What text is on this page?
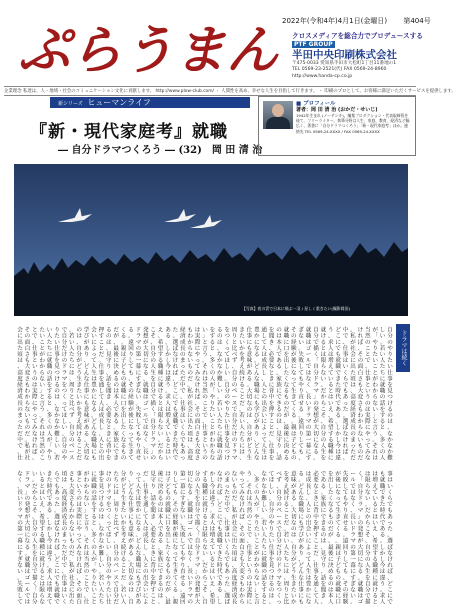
ぷらうまん 2022年(令和4年)4月1日(金曜日) 第404号
クロスメディアを総合力でプロデュースする
PTF GROUP
半田中央印刷株式会社
〒475-0033 愛知県半田市大松町1丁目11番地の1
TEL 0569-23-2521(代) FAX 0569-24-8960
http://www.handa-cp.co.jp
企業理念 私達は、人・地域・社会のコミュニケーション文化に貢献します。 http://www.plow-club.com/ ・ 人間性を高め、幸せな人生を目指して行きます。 ・ 印刷のプロとして、お客様に満足いただくサービスを提供します。
新シリーズ ヒューマンライフ
『新・現代家庭考』就職
― 自分ドラマつくろう ― (32)　岡 田 清 治
■ プロフィール
著者：岡 田 清 治 (おかだ・せいじ)
1942年生まれ (ノーテンキ)。編集プロダクション・代表取締役を経て、フリーライター。執筆分野は人生、家庭、教育、経済など幅広く、著書に「自分ドラマつくろう」「新・現代家庭考」ほか。連絡先 TEL 0569-24-XXXX / FAX 0569-24-XXXX
【写真】夜の雲で日本に飛ぶ一羽 / 星しく重きたい(撮影岡田)
自
分
の
や
り
た
い
仕
事
を
見
つ
け
る
の
は
、
な
か
な
か
難
し
い
。
若
い
人
た
ち
に
就
職
の
話
を
す
る
と
、
多
く
の
人
が
「
や
り
た
い
こ
と
が
わ
か
ら
な
い
」
と
言
う
。
そ
れ
は
当
然
の
こ
と
で
、
仕
事
と
い
う
の
は
実
際
に
や
っ
て
み
な
け
れ
ば
、
そ
の
面
白
さ
も
大
変
さ
も
わ
か
ら
な
い
も
の
だ
。
私
が
社
会
に
出
た
頃
は
、
高
度
経
済
成
長
の
ま
っ
た
だ
中
で
、
仕
事
は
い
く
ら
で
も
あ
っ
た
。
選
ば
な
け
れ
ば
、
ど
こ
に
で
も
就
職
で
き
た
時
代
で
あ
る
。
し
か
し
今
は
違
う
。
求
人
は
増
え
て
い
る
と
は
い
え
、
希
望
す
る
職
種
に
就
け
る
と
は
限
ら
な
い
。
だ
か
ら
こ
そ
、
自
分
の
人
生
を
自
分
で
描
く
「
自
分
ド
ラ
マ
」
の
発
想
が
大
切
に
な
る
。
就
職
は
ゴ
ー
ル
で
は
な
く
、
長
い
ド
ラ
マ
の
第
一
幕
に
す
ぎ
な
い
。
失
敗
し
て
も
や
り
直
せ
る
。
遠
回
り
し
て
も
、
そ
の
経
験
が
後
に
な
っ
て
生
き
て
く
る
。
親
は
子
ど
も
の
就
職
に
口
を
出
し
た
く
な
る
も
の
だ
が
、
最
後
に
決
め
る
の
は
本
人
で
あ
る
。
家
族
に
で
き
る
の
は
、
見
守
り
、
話
を
聞
き
、
必
要
な
と
き
に
背
中
を
押
す
こ
と
だ
。
仕
事
を
通
し
て
人
は
成
長
し
、
人
と
の
出
会
い
に
よ
っ
て
人
生
は
豊
か
に
な
る
。
ど
ん
な
職
場
に
も
学
び
が
あ
り
、
ど
ん
な
仕
事
に
も
意
味
が
あ
る
。
大
切
な
の
は
、
自
分
が
ど
う
生
き
た
い
か
を
考
え
続
け
る
こ
と
だ
。
若
い
人
た
ち
に
は
、
周
り
と
比
べ
ず
、
自
分
の
ペ
ー
ス
で
自
分
だ
け
の
ド
ラ
マ
を
つ
く
っ
て
ほ
し
い
。
自
分
の
や
り
た
い
仕
事
を
見
つ
け
る
の
は
、
な
か
な
か
難
し
い
。
若
い
人
た
ち
に
就
職
の
話
を
す
る
と
、
多
く
の
人
が
「
や
り
た
い
こ
と
が
わ
か
ら
な
い
」
と
言
う
。
そ
れ
は
当
然
の
こ
と
で
、
仕
事
と
い
う
の
は
実
際
に
や
っ
て
み
な
け
れ
ば
、
そ
の
面
白
さ
も
大
変
さ
も
わ
か
ら
な
い
も
の
だ
。
私
が
社
会
に
出
た
頃
は
、
高
度
経
済
成
長
の
ま
っ
た
だ
中
で
、
仕
事
は
い
く
ら
で
も
あ
っ
た
。
選
ば
な
け
れ
ば
、
ど
こ
に
で
も
就
職
で
き
た
時
代
で
あ
る
。
し
か
し
今
は
違
う
。
求
人
は
増
え
て
い
る
と
は
い
え
、
希
望
す
る
職
種
に
就
け
る
と
は
限
ら
な
い
。
だ
か
ら
こ
そ
、
自
分
の
人
生
を
自
分
で
描
く
「
自
分
ド
ラ
マ
」
の
発
想
が
大
切
に
な
る
。
就
職
は
ゴ
ー
ル
で
は
な
く
、
長
い
ド
ラ
マ
の
第
一
幕
に
す
ぎ
な
い
。
失
敗
し
て
も
や
り
直
せ
る
。
遠
回
り
し
て
も
、
そ
の
経
験
が
後
に
な
っ
て
生
き
て
く
る
。
親
は
子
ど
も
の
就
職
に
口
を
出
し
た
く
な
る
も
の
だ
が
、
最
後
に
決
め
る
の
は
本
人
で
あ
る
。
家
族
に
で
き
る
の
は
、
見
守
り
、
話
を
聞
き
、
必
要
な
と
き
に
背
中
を
押
す
こ
と
だ
。
仕
事
を
通
し
て
人
は
成
長
し
、
人
と
の
出
会
い
に
よ
っ
て
人
生
は
豊
か
に
な
る
。
ど
ん
な
職
場
に
も
学
び
が
あ
り
、
ど
ん
な
仕
事
に
も
意
味
が
あ
る
。
大
切
な
の
は
、
自
分
が
ど
う
生
き
た
い
か
を
考
え
続
け
る
こ
と
だ
。
若
い
人
た
ち
に
は
、
周
り
と
比
べ
ず
、
自
分
の
ペ
ー
ス
で
自
分
だ
け
の
ド
ラ
マ
を
つ
く
っ
て
ほ
し
い
。
自
分
の
や
り
た
い
仕
事
を
見
つ
け
る
の
は
、
な
か
な
か
難
し
い
。
若
い
人
た
ち
に
就
職
の
話
を
す
る
と
、
多
く
の
人
が
「
や
り
た
い
こ
と
が
わ
か
ら
な
い
」
と
言
う
。
そ
れ
は
当
然
の
こ
と
で
、
仕
事
と
い
う
の
は
実
際
に
や
っ
て
み
な
け
れ
ば
、
そ
の
面
白
さ
も
大
変
さ
も
わ
か
ら
な
い
も
の
だ
。
私
が
社
会
に
出
た
頃
は
、
高
度
経
済
成
長
の
ま
っ
た
だ
中
で
、
仕
事
は
い
く
ら
で
も
あ
っ
た
。
選
ば
な
け
れ
ば
、
ど
こ
に
で
も
就
職
で
き
た
時
代
で
あ
る
。
し
か
し
今
は
違
う
。
求
人
は
増
え
て
い
る
と
は
い
え
、
希
望
す
る
職
種
に
就
け
る
と
は
限
ら
な
い
。
だ
か
ら
こ
そ
、
自
分
の
人
生
を
自
分
で
描
く
「
自
分
ド
ラ
マ
」
の
発
想
が
大
切
に
な
る
。
就
職
は
ゴ
ー
ル
で
は
な
く
、
長
い
ド
ラ
マ
の
第
一
幕
に
す
ぎ
な
い
。
失
敗
し
て
も
や
り
直
せ
る
。
遠
回
り
し
て
も
、
そ
の
経
験
が
後
に
な
っ
て
生
き
て
く
る
。
親
は
子
ど
も
の
就
職
に
口
を
出
し
た
く
な
る
も
の
だ
が
、
最
後
に
決
め
る
の
は
本
人
で
あ
る
。
家
族
に
で
き
る
の
は
、
見
守
り
、
話
を
聞
き
、
必
要
な
と
き
に
背
中
を
押
す
こ
と
だ
。
仕
事
を
通
し
て
人
は
成
長
し
、
人
と
の
出
会
い
に
よ
っ
て
人
生
は
豊
か
に
な
る
。
ど
ん
な
職
場
に
も
学
び
が
あ
り
、
ど
ん
な
仕
事
に
も
意
味
が
あ
る
。
大
切
な
の
は
、
自
分
が
ど
う
生
き
た
い
か
を
考
え
続
け
る
こ
と
だ
。
若
い
人
た
ち
に
は
、
周
り
と
比
べ
ず
、
自
分
の
ペ
ー
ス
で
自
分
だ
け
の
ド
ラ
マ
を
つ
く
っ
て
ほ
し
い
。
自
分
の
や
り
た
い
仕
事
を
見
つ
け
る
の
は
、
な
か
な
か
難
し
い
。
若
い
人
た
ち
に
就
職
の
話
を
す
る
と
、
多
く
の
人
が
「
や
り
た
い
こ
と
が
わ
か
ら
な
い
」
と
言
う
。
そ
れ
は
当
然
の
こ
と
で
、
仕
事
と
い
う
の
は
実
際
に
や
っ
て
み
な
け
れ
ば
、
そ
の
面
白
さ
も
大
変
さ
も
わ
か
ら
な
い
も
の
だ
。
私
が
社
会
に
出
た
頃
は
、
高
度
経
済
成
長
の
ま
っ
た
だ
中
で
、
仕
事
は
い
く
ら
で
も
あ
っ
た
。
選
ば
な
け
れ
ば
、
ど
こ
に
で
も
就
職
で
き
た
時
代
で
あ
る
。
し
か
し
今
は
違
う
。
求
人
は
増
え
て
い
る
と
は
い
え
、
希
望
す
る
職
種
に
就
け
る
と
は
限
ら
な
い
。
だ
か
ら
こ
そ
、
自
分
の
人
生
を
自
分
で
描
く
「
自
分
ド
ラ
マ
」
の
発
想
が
大
切
に
な
る
。
就
職
は
ゴ
ー
ル
で
は
な
く
、
長
い
ド
ラ
マ
の
第
一
幕
に
す
ぎ
な
い
。
失
敗
し
て
も
や
り
直
せ
る
。
遠
回
り
し
て
も
、
そ
の
経
験
が
後
に
な
っ
て
生
き
て
く
る
。
親
は
子
ど
も
の
就
職
に
口
を
出
し
た
く
な
る
も
の
だ
が
、
最
後
に
決
め
る
の
は
本
人
で
あ
る
。
家
族
に
で
き
る
の
は
、
見
守
り
、
話
を
聞
き
、
必
要
な
と
き
に
背
中
を
押
す
こ
と
だ
。
仕
事
を
通
し
て
人
は
成
長
し
、
人
と
の
出
会
い
に
よ
っ
て
人
生
は
豊
か
に
な
る
。
ど
ん
な
職
場
に
も
学
び
が
あ
り
、
ど
ん
な
仕
事
に
も
意
味
が
あ
る
。
大
切
な
の
は
、
自
分
が
ど
う
生
き
た
い
か
を
考
え
続
け
る
こ
と
だ
。
若
い
人
た
ち
に
は
、
周
り
と
比
べ
ず
、
自
分
の
ペ
ー
ス
で
自
分
だ
け
の
ド
ラ
マ
を
つ
く
っ
て
ほ
し
い
。
自
分
の
や
り
た
い
仕
事
を
見
つ
け
る
の
は
、
な
か
な
か
難
し
い
。
若
い
人
た
ち
に
就
職
の
話
を
す
る
と
、
多
く
の
人
が
「
や
り
た
い
こ
と
が
わ
か
ら
な
い
」
と
言
う
。
そ
れ
は
当
然
の
こ
と
で
、
仕
事
と
い
う
の
は
実
際
に
や
っ
て
み
な
け
れ
ば
、
そ
の
面
白
さ
も
大
変
さ
も
わ
か
ら
な
い
も
の
だ
。
私
が
社
会
に
出
た
頃
は
、
高
度
経
済
成
長
の
ま
っ
た
だ
中
で
、
仕
事
は
い
く
ら
で
も
あ
っ
た
。
選
ば
な
け
れ
ば
、
ど
こ
に
で
も
就
職
で
き
た
時
代
で
あ
る
。
し
か
し
今
は
違
う
。
求
人
は
増
え
て
い
る
と
は
い
え
、
希
望
す
る
職
種
に
就
け
る
と
は
限
ら
な
い
。
だ
か
ら
こ
そ
、
自
分
の
人
生
を
自
分
で
描
く
「
自
分
ド
ラ
マ
」
の
発
想
が
大
切
に
な
る
。
就
職
は
ゴ
ー
ル
で
は
な
く
、
長
い
ド
ラ
マ
の
第
一
幕
に
す
ぎ
な
い
。
失
敗
し
て
ドラマは続く
